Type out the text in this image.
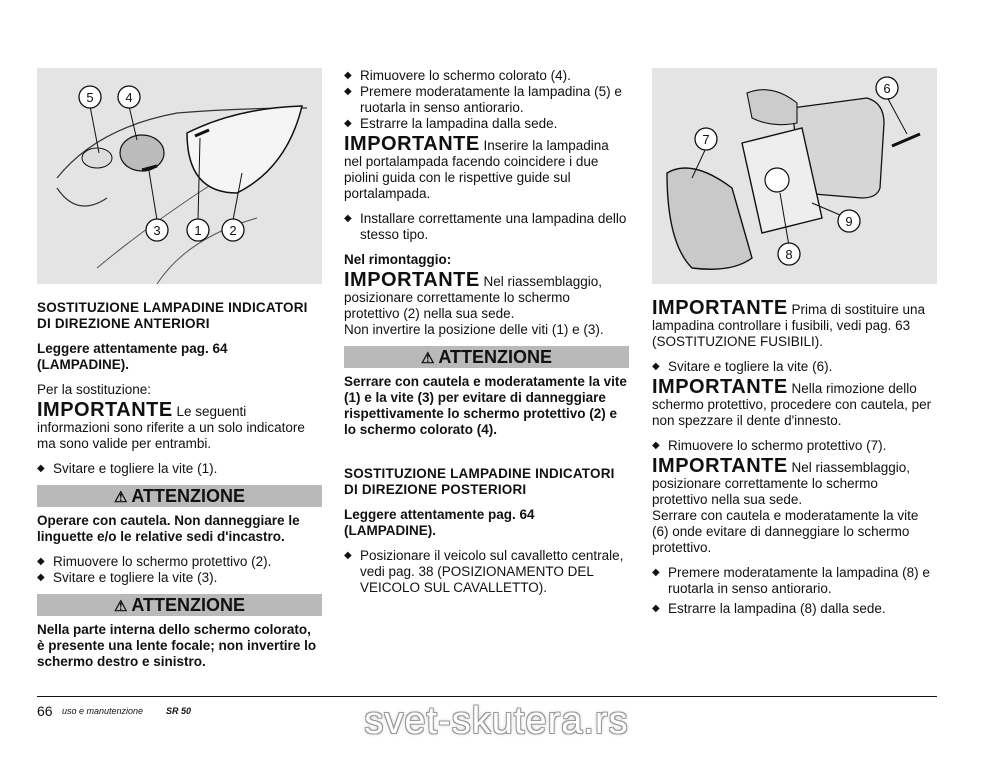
5 4
3	1 2

SOSTITUZIONE LAMPADINE INDICATORI DI DIREZIONE ANTERIORI

Leggere attentamente pag. 64 (LAMPADINE).

Per la sostituzione:

IMPORTANTE Le seguenti informazioni sono riferite a un solo indicatore ma sono valide per entrambi.

◆ Svitare e togliere la vite (1).

⚠ ATTENZIONE

Operare con cautela. Non danneggiare le linguette e/o le relative sedi d'incastro.

◆ Rimuovere lo schermo protettivo (2).

◆ Svitare e togliere la vite (3).

⚠ ATTENZIONE

Nella parte interna dello schermo colorato, è presente una lente focale; non invertire lo schermo destro e sinistro.

◆ Rimuovere lo schermo colorato (4).

◆ Premere moderatamente la lampadina (5) e ruotarla in senso antiorario.

◆ Estrarre la lampadina dalla sede.

IMPORTANTE Inserire la lampadina nel portalampada facendo coincidere i due piolini guida con le rispettive guide sul portalampada.

◆ Installare correttamente una lampadina dello stesso tipo.

Nel rimontaggio:

IMPORTANTE Nel riassemblaggio, posizionare correttamente lo schermo protettivo (2) nella sua sede.

Non invertire la posizione delle viti (1) e (3).

⚠ ATTENZIONE

Serrare con cautela e moderatamente la vite (1) e la vite (3) per evitare di danneggiare rispettivamente lo schermo protettivo (2) e lo schermo colorato (4).

SOSTITUZIONE LAMPADINE INDICATORI DI DIREZIONE POSTERIORI

Leggere attentamente pag. 64 (LAMPADINE).

◆ Posizionare il veicolo sul cavalletto centrale, vedi pag. 38 (POSIZIONAMENTO DEL VEICOLO SUL CAVALLETTO).

6
7
9
8

IMPORTANTE Prima di sostituire una lampadina controllare i fusibili, vedi pag. 63 (SOSTITUZIONE FUSIBILI).

◆ Svitare e togliere la vite (6).

IMPORTANTE Nella rimozione dello schermo protettivo, procedere con cautela, per non spezzare il dente d'innesto.

◆ Rimuovere lo schermo protettivo (7).

IMPORTANTE Nel riassemblaggio, posizionare correttamente lo schermo protettivo nella sua sede.

Serrare con cautela e moderatamente la vite (6) onde evitare di danneggiare lo schermo protettivo.

◆ Premere moderatamente la lampadina (8) e ruotarla in senso antiorario.

◆ Estrarre la lampadina (8) dalla sede.

66 uso e manutenzione	SR 50	svet-skutera.rs
